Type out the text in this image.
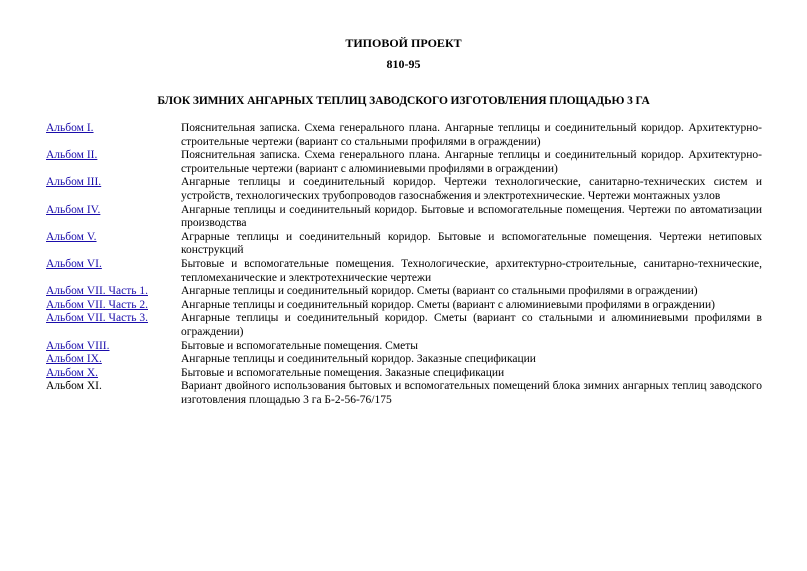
ТИПОВОЙ ПРОЕКТ
810-95
БЛОК ЗИМНИХ АНГАРНЫХ ТЕПЛИЦ ЗАВОДСКОГО ИЗГОТОВЛЕНИЯ ПЛОЩАДЬЮ 3 ГА
Альбом I.	Пояснительная записка. Схема генерального плана. Ангарные теплицы и соединительный коридор. Архитектурно-строительные чертежи (вариант со стальными профилями в ограждении)
Альбом II.	Пояснительная записка. Схема генерального плана. Ангарные теплицы и соединительный коридор. Архитектурно-строительные чертежи (вариант с алюминиевыми профилями в ограждении)
Альбом III.	Ангарные теплицы и соединительный коридор. Чертежи технологические, санитарно-технических систем и устройств, технологических трубопроводов газоснабжения и электротехнические. Чертежи монтажных узлов
Альбом IV.	Ангарные теплицы и соединительный коридор. Бытовые и вспомогательные помещения. Чертежи по автоматизации производства
Альбом V.	Аграрные теплицы и соединительный коридор. Бытовые и вспомогательные помещения. Чертежи нетиповых конструкций
Альбом VI.	Бытовые и вспомогательные помещения. Технологические, архитектурно-строительные, санитарно-технические, тепломеханические и электротехнические чертежи
Альбом VII. Часть 1.	Ангарные теплицы и соединительный коридор. Сметы (вариант со стальными профилями в ограждении)
Альбом VII. Часть 2.	Ангарные теплицы и соединительный коридор. Сметы (вариант с алюминиевыми профилями в ограждении)
Альбом VII. Часть 3.	Ангарные теплицы и соединительный коридор. Сметы (вариант со стальными и алюминиевыми профилями в ограждении)
Альбом VIII.	Бытовые и вспомогательные помещения. Сметы
Альбом IX.	Ангарные теплицы и соединительный коридор. Заказные спецификации
Альбом X.	Бытовые и вспомогательные помещения. Заказные спецификации
Альбом XI.	Вариант двойного использования бытовых и вспомогательных помещений блока зимних ангарных теплиц заводского изготовления площадью 3 га Б-2-56-76/175
